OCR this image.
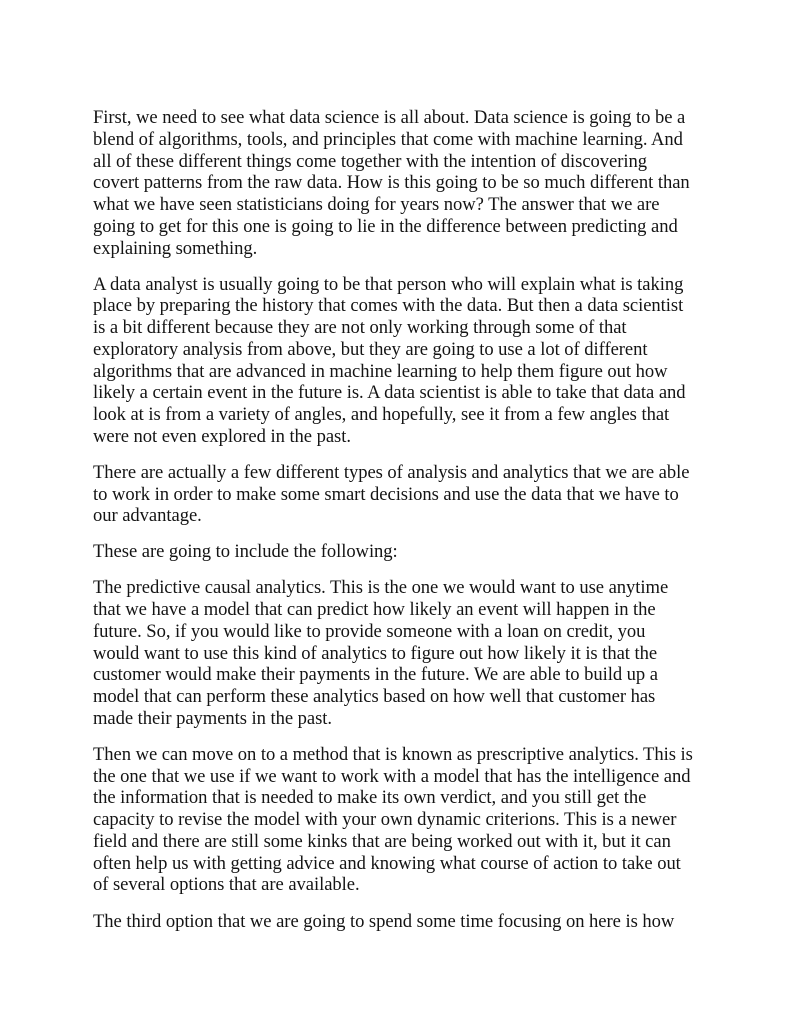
First, we need to see what data science is all about. Data science is going to be a
blend of algorithms, tools, and principles that come with machine learning. And
all of these different things come together with the intention of discovering
covert patterns from the raw data. How is this going to be so much different than
what we have seen statisticians doing for years now? The answer that we are
going to get for this one is going to lie in the difference between predicting and
explaining something.
A data analyst is usually going to be that person who will explain what is taking
place by preparing the history that comes with the data. But then a data scientist
is a bit different because they are not only working through some of that
exploratory analysis from above, but they are going to use a lot of different
algorithms that are advanced in machine learning to help them figure out how
likely a certain event in the future is. A data scientist is able to take that data and
look at is from a variety of angles, and hopefully, see it from a few angles that
were not even explored in the past.
There are actually a few different types of analysis and analytics that we are able
to work in order to make some smart decisions and use the data that we have to
our advantage.
These are going to include the following:
The predictive causal analytics. This is the one we would want to use anytime
that we have a model that can predict how likely an event will happen in the
future. So, if you would like to provide someone with a loan on credit, you
would want to use this kind of analytics to figure out how likely it is that the
customer would make their payments in the future. We are able to build up a
model that can perform these analytics based on how well that customer has
made their payments in the past.
Then we can move on to a method that is known as prescriptive analytics. This is
the one that we use if we want to work with a model that has the intelligence and
the information that is needed to make its own verdict, and you still get the
capacity to revise the model with your own dynamic criterions. This is a newer
field and there are still some kinks that are being worked out with it, but it can
often help us with getting advice and knowing what course of action to take out
of several options that are available.
The third option that we are going to spend some time focusing on here is how
